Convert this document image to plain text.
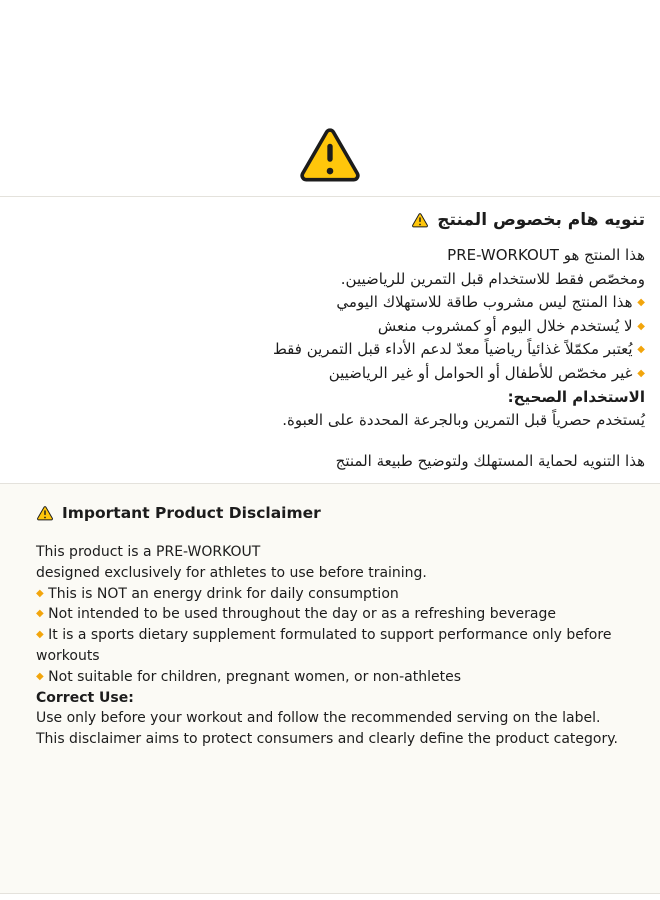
تنويه هام بخصوص المنتج

هذا المنتج هو PRE-WORKOUT

ومخصّص فقط للاستخدام قبل التمرين للرياضيين.

◆ هذا المنتج ليس مشروب طاقة للاستهلاك اليومي

◆ لا يُستخدم خلال اليوم أو كمشروب منعش

◆ يُعتبر مكمّلاً غذائياً رياضياً معدّ لدعم الأداء قبل التمرين فقط

◆ غير مخصّص للأطفال أو الحوامل أو غير الرياضيين

الاستخدام الصحيح:

يُستخدم حصرياً قبل التمرين وبالجرعة المحددة على العبوة.

هذا التنويه لحماية المستهلك ولتوضيح طبيعة المنتج

Important Product Disclaimer

This product is a PRE-WORKOUT

designed exclusively for athletes to use before training.

◆ This is NOT an energy drink for daily consumption

◆ Not intended to be used throughout the day or as a refreshing beverage

◆ It is a sports dietary supplement formulated to support performance only before workouts

◆ Not suitable for children, pregnant women, or non-athletes

Correct Use:

Use only before your workout and follow the recommended serving on the label.

This disclaimer aims to protect consumers and clearly define the product category.
